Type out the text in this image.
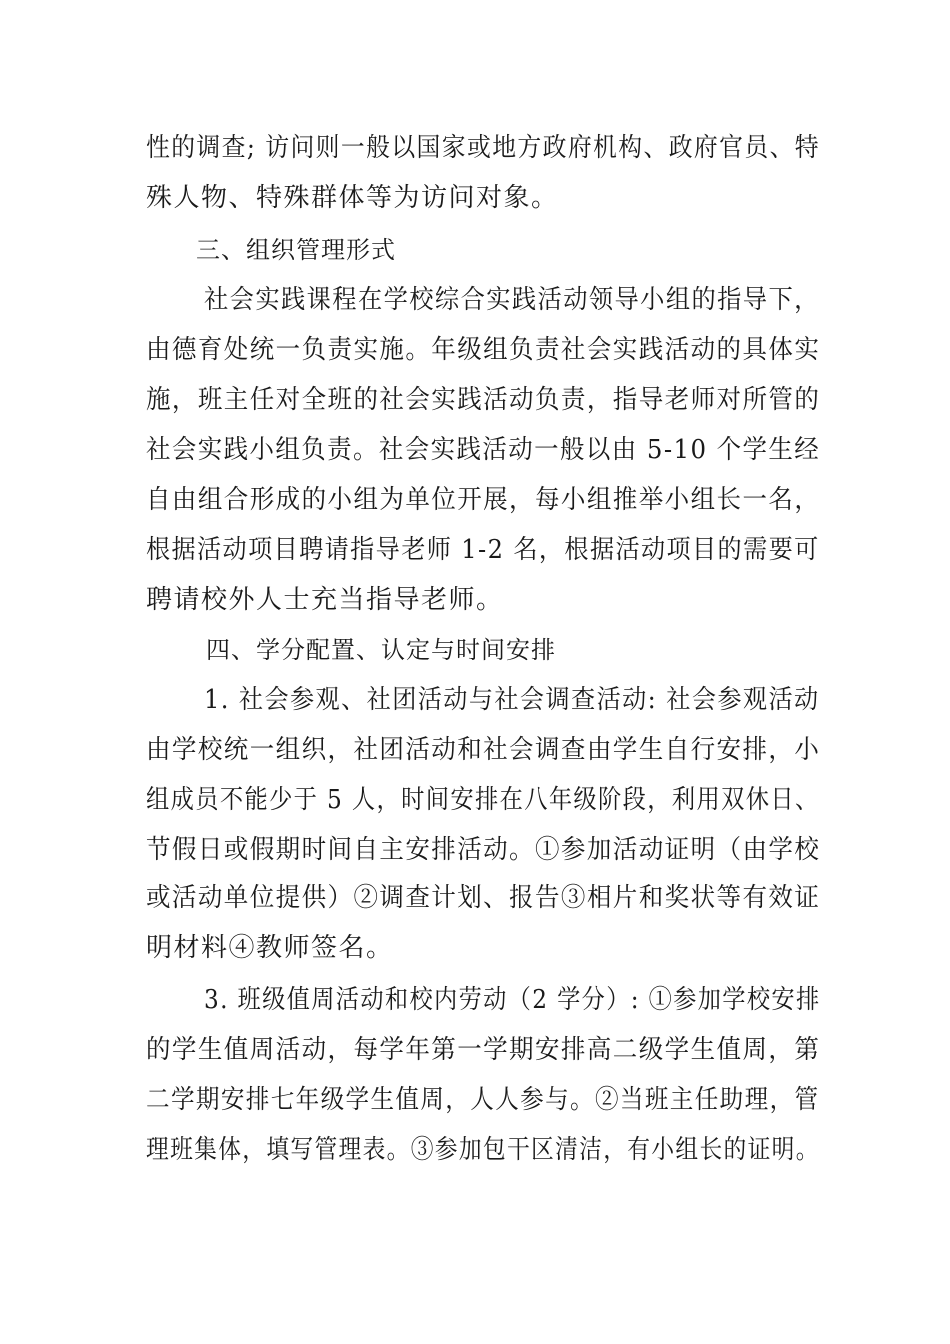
性的调查; 访问则一般以国家或地方政府机构、政府官员、特
殊人物、特殊群体等为访问对象。
三、组织管理形式
社会实践课程在学校综合实践活动领导小组的指导下，
由德育处统一负责实施。年级组负责社会实践活动的具体实
施，班主任对全班的社会实践活动负责，指导老师对所管的
社会实践小组负责。社会实践活动一般以由 5-10 个学生经
自由组合形成的小组为单位开展，每小组推举小组长一名，
根据活动项目聘请指导老师 1-2 名，根据活动项目的需要可
聘请校外人士充当指导老师。
四、学分配置、认定与时间安排
1. 社会参观、社团活动与社会调查活动: 社会参观活动
由学校统一组织，社团活动和社会调查由学生自行安排，小
组成员不能少于 5 人，时间安排在八年级阶段，利用双休日、
节假日或假期时间自主安排活动。①参加活动证明（由学校
或活动单位提供）②调查计划、报告③相片和奖状等有效证
明材料④教师签名。
3. 班级值周活动和校内劳动（2 学分）: ①参加学校安排
的学生值周活动，每学年第一学期安排高二级学生值周，第
二学期安排七年级学生值周，人人参与。②当班主任助理，管
理班集体，填写管理表。③参加包干区清洁，有小组长的证明。
